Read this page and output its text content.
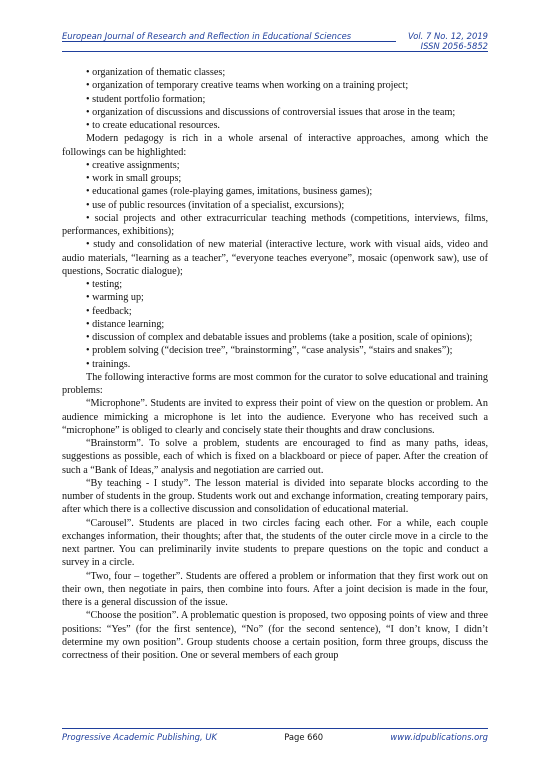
European Journal of Research and Reflection in Educational Sciences	Vol. 7 No. 12, 2019
ISSN 2056-5852

• organization of thematic classes;

• organization of temporary creative teams when working on a training project;

• student portfolio formation;

• organization of discussions and discussions of controversial issues that arose in the team;

• to create educational resources.

Modern pedagogy is rich in a whole arsenal of interactive approaches, among which the followings can be highlighted:

• creative assignments;

• work in small groups;

• educational games (role-playing games, imitations, business games);

• use of public resources (invitation of a specialist, excursions);

• social projects and other extracurricular teaching methods (competitions, interviews, films, performances, exhibitions);

• study and consolidation of new material (interactive lecture, work with visual aids, video and audio materials, “learning as a teacher”, “everyone teaches everyone”, mosaic (openwork saw), use of questions, Socratic dialogue);

• testing;

• warming up;

• feedback;

• distance learning;

• discussion of complex and debatable issues and problems (take a position, scale of opinions);

• problem solving (“decision tree”, “brainstorming”, “case analysis”, “stairs and snakes”);

• trainings.

The following interactive forms are most common for the curator to solve educational and training problems:

“Microphone”. Students are invited to express their point of view on the question or problem. An audience mimicking a microphone is let into the audience. Everyone who has received such a “microphone” is obliged to clearly and concisely state their thoughts and draw conclusions.

“Brainstorm”. To solve a problem, students are encouraged to find as many paths, ideas, suggestions as possible, each of which is fixed on a blackboard or piece of paper. After the creation of such a “Bank of Ideas,” analysis and negotiation are carried out.

“By teaching - I study”. The lesson material is divided into separate blocks according to the number of students in the group. Students work out and exchange information, creating temporary pairs, after which there is a collective discussion and consolidation of educational material.

“Carousel”. Students are placed in two circles facing each other. For a while, each couple exchanges information, their thoughts; after that, the students of the outer circle move in a circle to the next partner. You can preliminarily invite students to prepare questions on the topic and conduct a survey in a circle.

“Two, four – together”. Students are offered a problem or information that they first work out on their own, then negotiate in pairs, then combine into fours. After a joint decision is made in the four, there is a general discussion of the issue.

“Choose the position”. A problematic question is proposed, two opposing points of view and three positions: “Yes” (for the first sentence), “No” (for the second sentence), “I don’t know, I didn’t determine my own position”. Group students choose a certain position, form three groups, discuss the correctness of their position. One or several members of each group

Progressive Academic Publishing, UK	Page 660	www.idpublications.org
